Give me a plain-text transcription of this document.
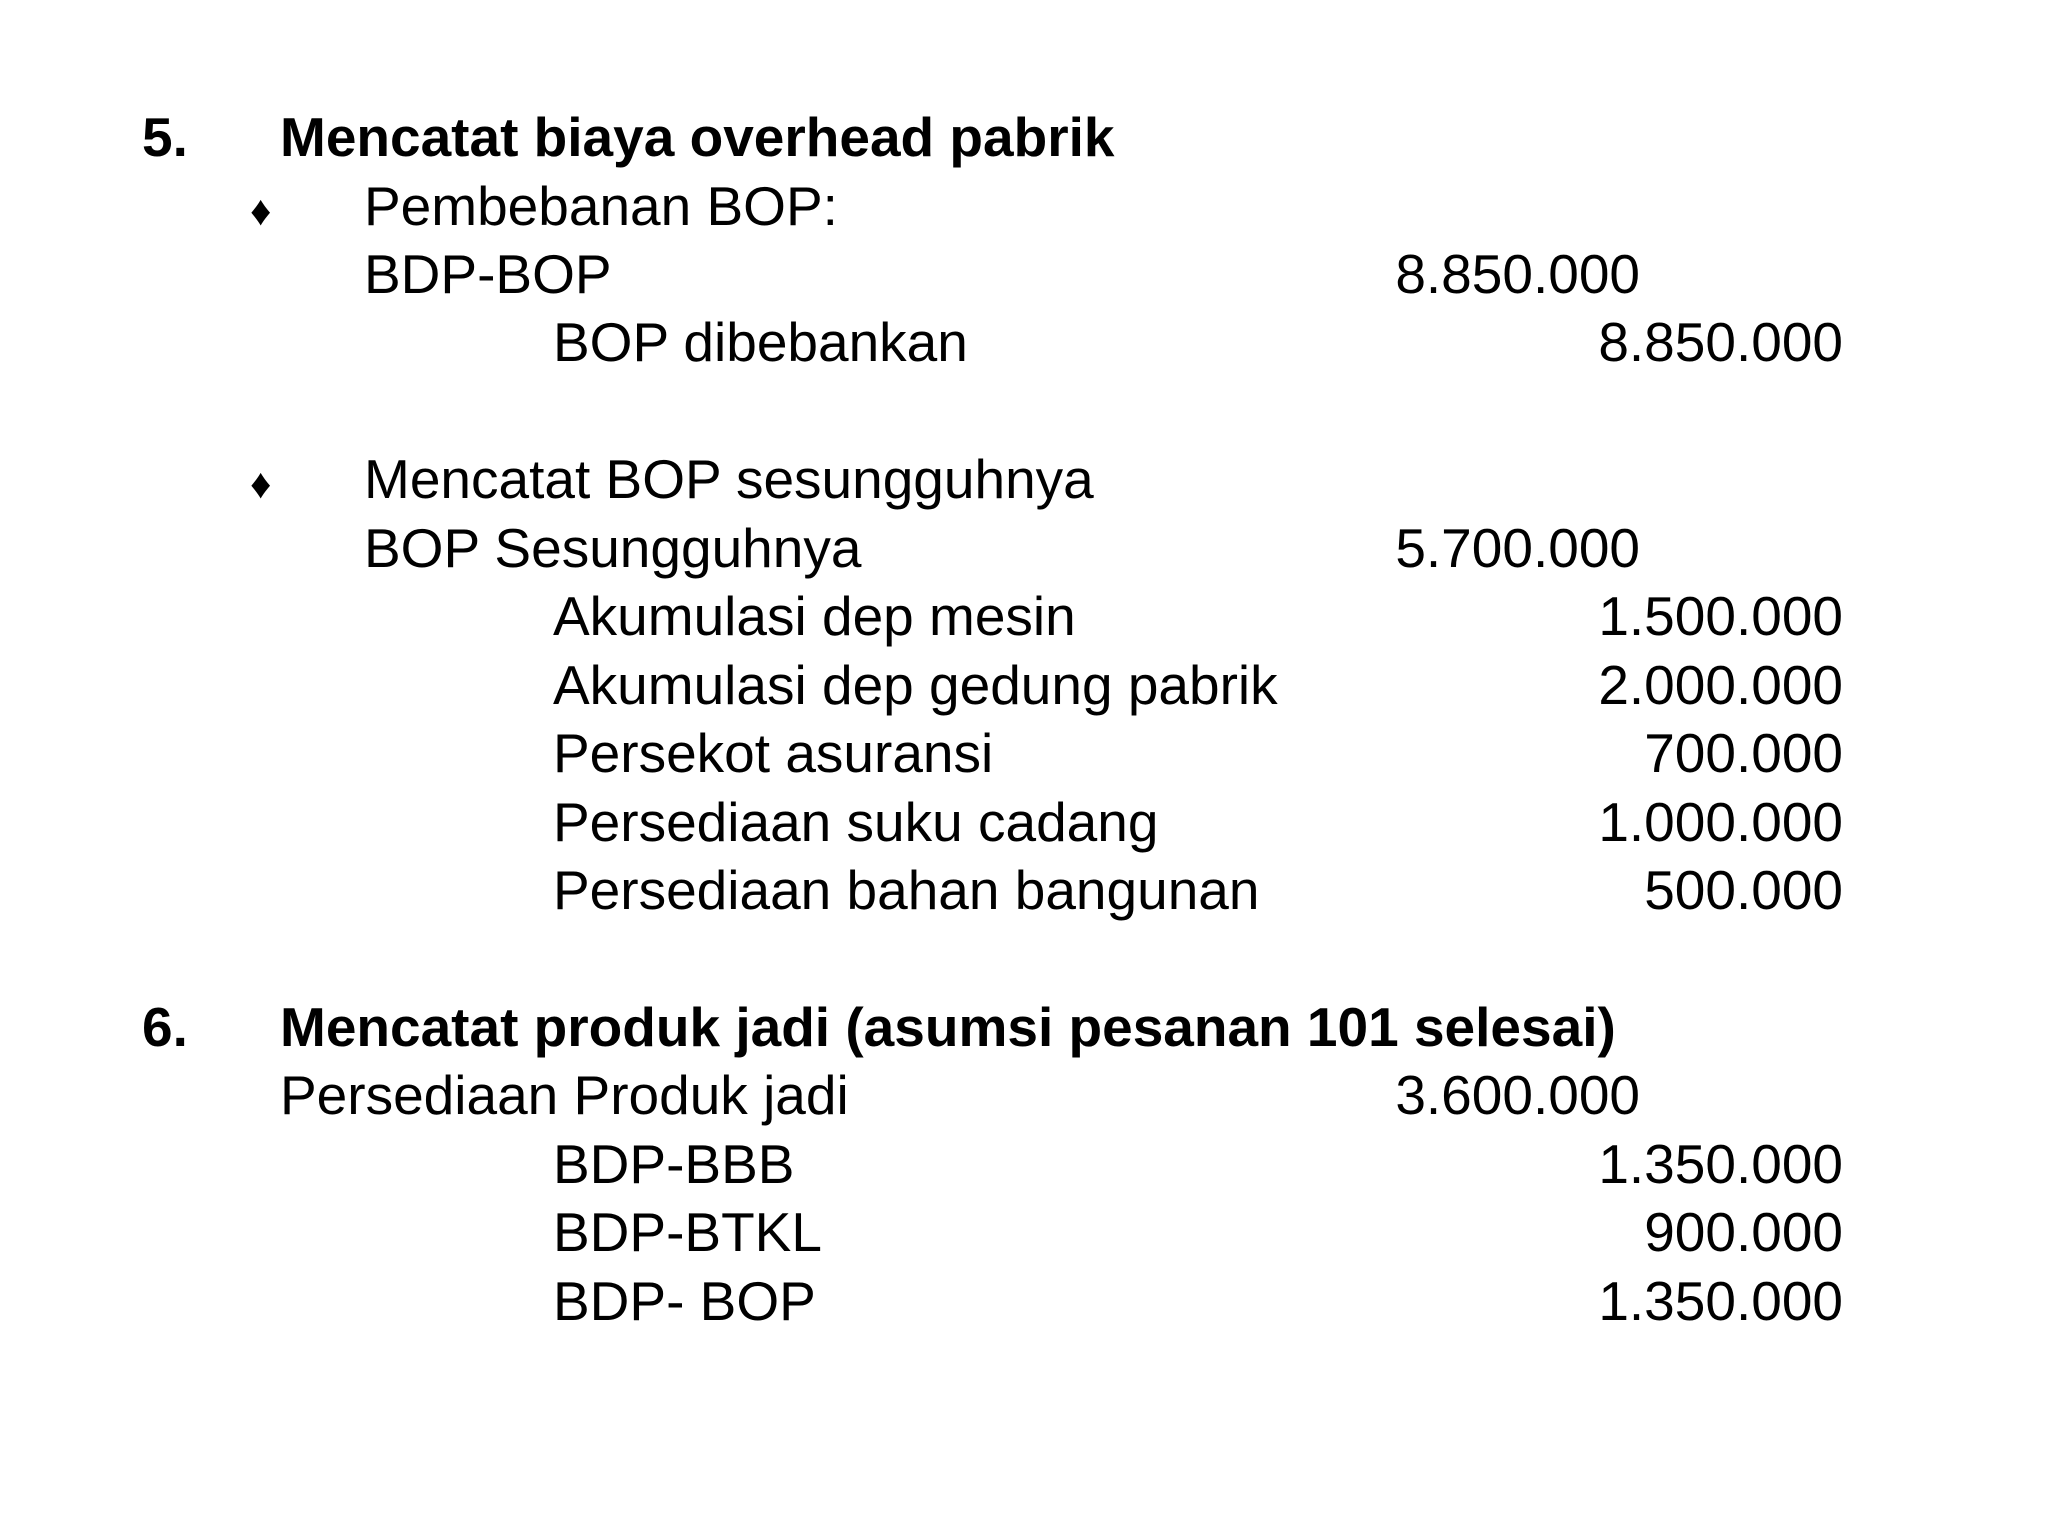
5. Mencatat biaya overhead pabrik
♦ Pembebanan BOP:
BDP-BOP	8.850.000
BOP dibebankan	8.850.000
♦ Mencatat BOP sesungguhnya
BOP Sesungguhnya	5.700.000
Akumulasi dep mesin	1.500.000
Akumulasi dep gedung pabrik	2.000.000
Persekot asuransi	700.000
Persediaan suku cadang	1.000.000
Persediaan bahan bangunan	500.000
6. Mencatat produk jadi (asumsi pesanan 101 selesai)
Persediaan Produk jadi	3.600.000
BDP-BBB	1.350.000
BDP-BTKL	900.000
BDP- BOP	1.350.000
